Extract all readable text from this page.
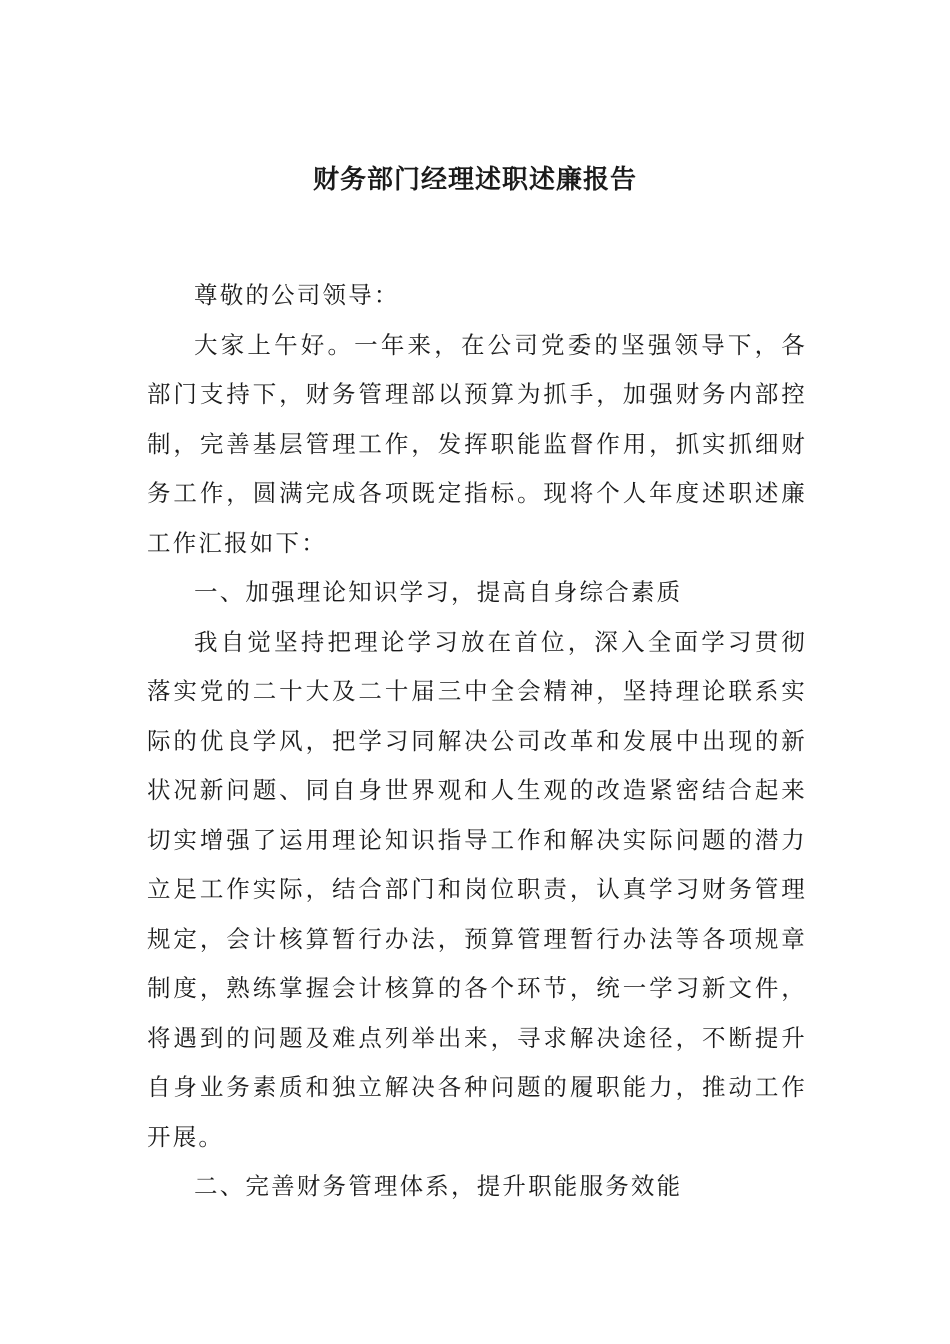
财务部门经理述职述廉报告

尊敬的公司领导：

大家上午好。一年来，在公司党委的坚强领导下，各部门支持下，财务管理部以预算为抓手，加强财务内部控制，完善基层管理工作，发挥职能监督作用，抓实抓细财务工作，圆满完成各项既定指标。现将个人年度述职述廉工作汇报如下：

一、加强理论知识学习，提高自身综合素质

我自觉坚持把理论学习放在首位，深入全面学习贯彻落实党的二十大及二十届三中全会精神，坚持理论联系实际的优良学风，把学习同解决公司改革和发展中出现的新状况新问题、同自身世界观和人生观的改造紧密结合起来切实增强了运用理论知识指导工作和解决实际问题的潜力立足工作实际，结合部门和岗位职责，认真学习财务管理规定，会计核算暂行办法，预算管理暂行办法等各项规章制度，熟练掌握会计核算的各个环节，统一学习新文件，将遇到的问题及难点列举出来，寻求解决途径，不断提升自身业务素质和独立解决各种问题的履职能力，推动工作开展。

二、完善财务管理体系，提升职能服务效能
